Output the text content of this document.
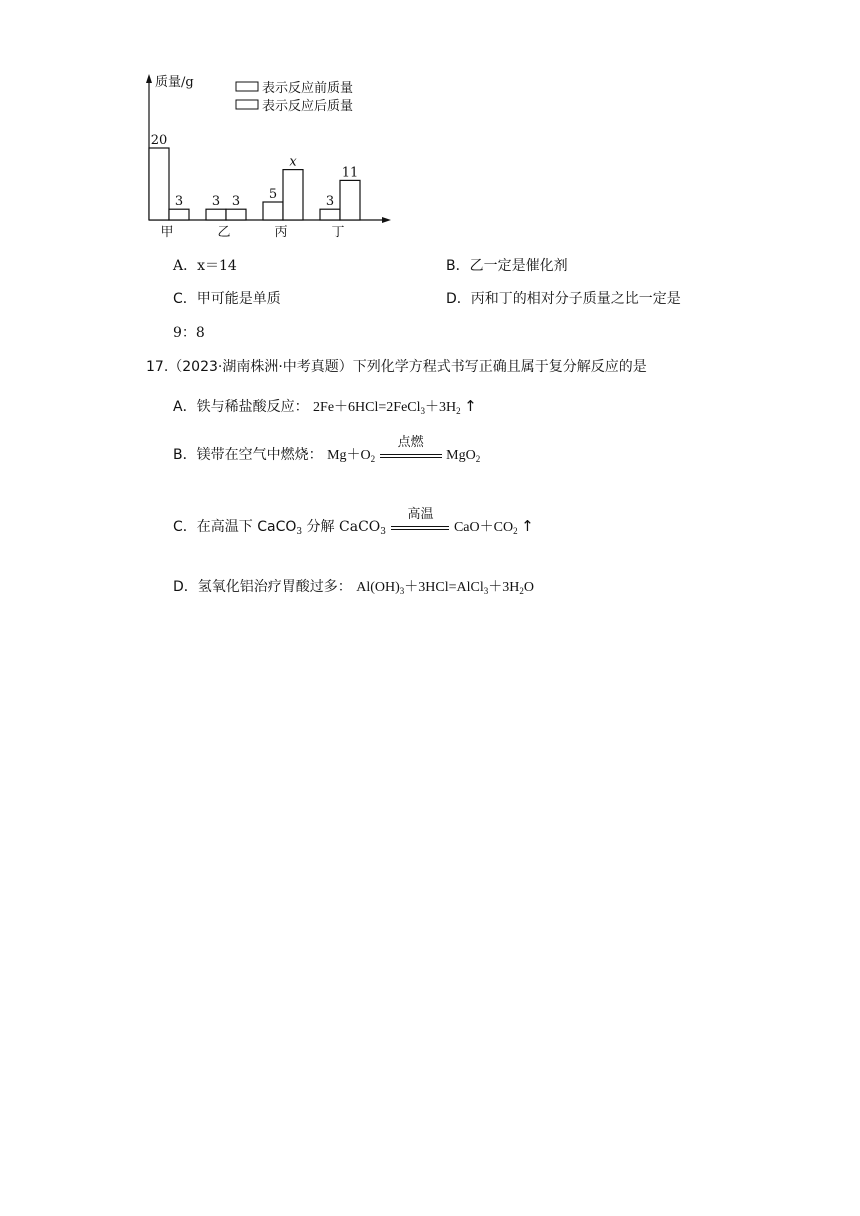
质量/g	表示反应前质量
表示反应后质量
20
3
甲
3 3
乙
5
x
丙
3
11
丁
A．x＝14	B．乙一定是催化剂
C．甲可能是单质	D．丙和丁的相对分子质量之比一定是
9：8
17.（2023·湖南株洲·中考真题）下列化学方程式书写正确且属于复分解反应的是
A．铁与稀盐酸反应： $2Fe+6HCl=2FeCl_3+3H_2$ ↑
B．镁带在空气中燃烧： $Mg+O_2$
点燃
MgO$_2$
C．在高温下 CaCO$_3$ 分解 CaCO$_3$
高温
$CaO+CO_2$ ↑
D．氢氧化铝治疗胃酸过多： $Al(OH)_3+3HCl=AlCl_3+3H_2O$
